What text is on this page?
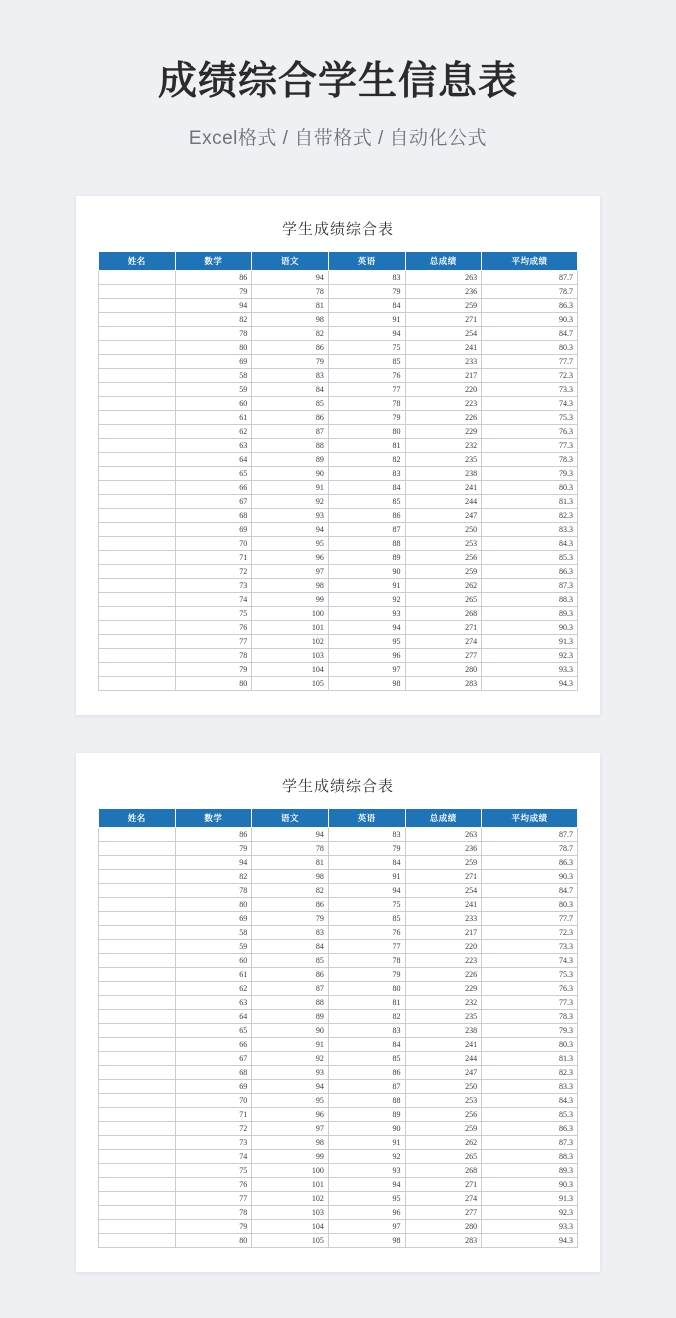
成绩综合学生信息表
Excel格式 / 自带格式 / 自动化公式
学生成绩综合表
姓名	数学	语文	英语	总成绩	平均成绩
	86	94	83	263	87.7
	79	78	79	236	78.7
	94	81	84	259	86.3
	82	98	91	271	90.3
	78	82	94	254	84.7
	80	86	75	241	80.3
	69	79	85	233	77.7
	58	83	76	217	72.3
	59	84	77	220	73.3
	60	85	78	223	74.3
	61	86	79	226	75.3
	62	87	80	229	76.3
	63	88	81	232	77.3
	64	89	82	235	78.3
	65	90	83	238	79.3
	66	91	84	241	80.3
	67	92	85	244	81.3
	68	93	86	247	82.3
	69	94	87	250	83.3
	70	95	88	253	84.3
	71	96	89	256	85.3
	72	97	90	259	86.3
	73	98	91	262	87.3
	74	99	92	265	88.3
	75	100	93	268	89.3
	76	101	94	271	90.3
	77	102	95	274	91.3
	78	103	96	277	92.3
	79	104	97	280	93.3
	80	105	98	283	94.3
学生成绩综合表
姓名	数学	语文	英语	总成绩	平均成绩
	86	94	83	263	87.7
	79	78	79	236	78.7
	94	81	84	259	86.3
	82	98	91	271	90.3
	78	82	94	254	84.7
	80	86	75	241	80.3
	69	79	85	233	77.7
	58	83	76	217	72.3
	59	84	77	220	73.3
	60	85	78	223	74.3
	61	86	79	226	75.3
	62	87	80	229	76.3
	63	88	81	232	77.3
	64	89	82	235	78.3
	65	90	83	238	79.3
	66	91	84	241	80.3
	67	92	85	244	81.3
	68	93	86	247	82.3
	69	94	87	250	83.3
	70	95	88	253	84.3
	71	96	89	256	85.3
	72	97	90	259	86.3
	73	98	91	262	87.3
	74	99	92	265	88.3
	75	100	93	268	89.3
	76	101	94	271	90.3
	77	102	95	274	91.3
	78	103	96	277	92.3
	79	104	97	280	93.3
	80	105	98	283	94.3
